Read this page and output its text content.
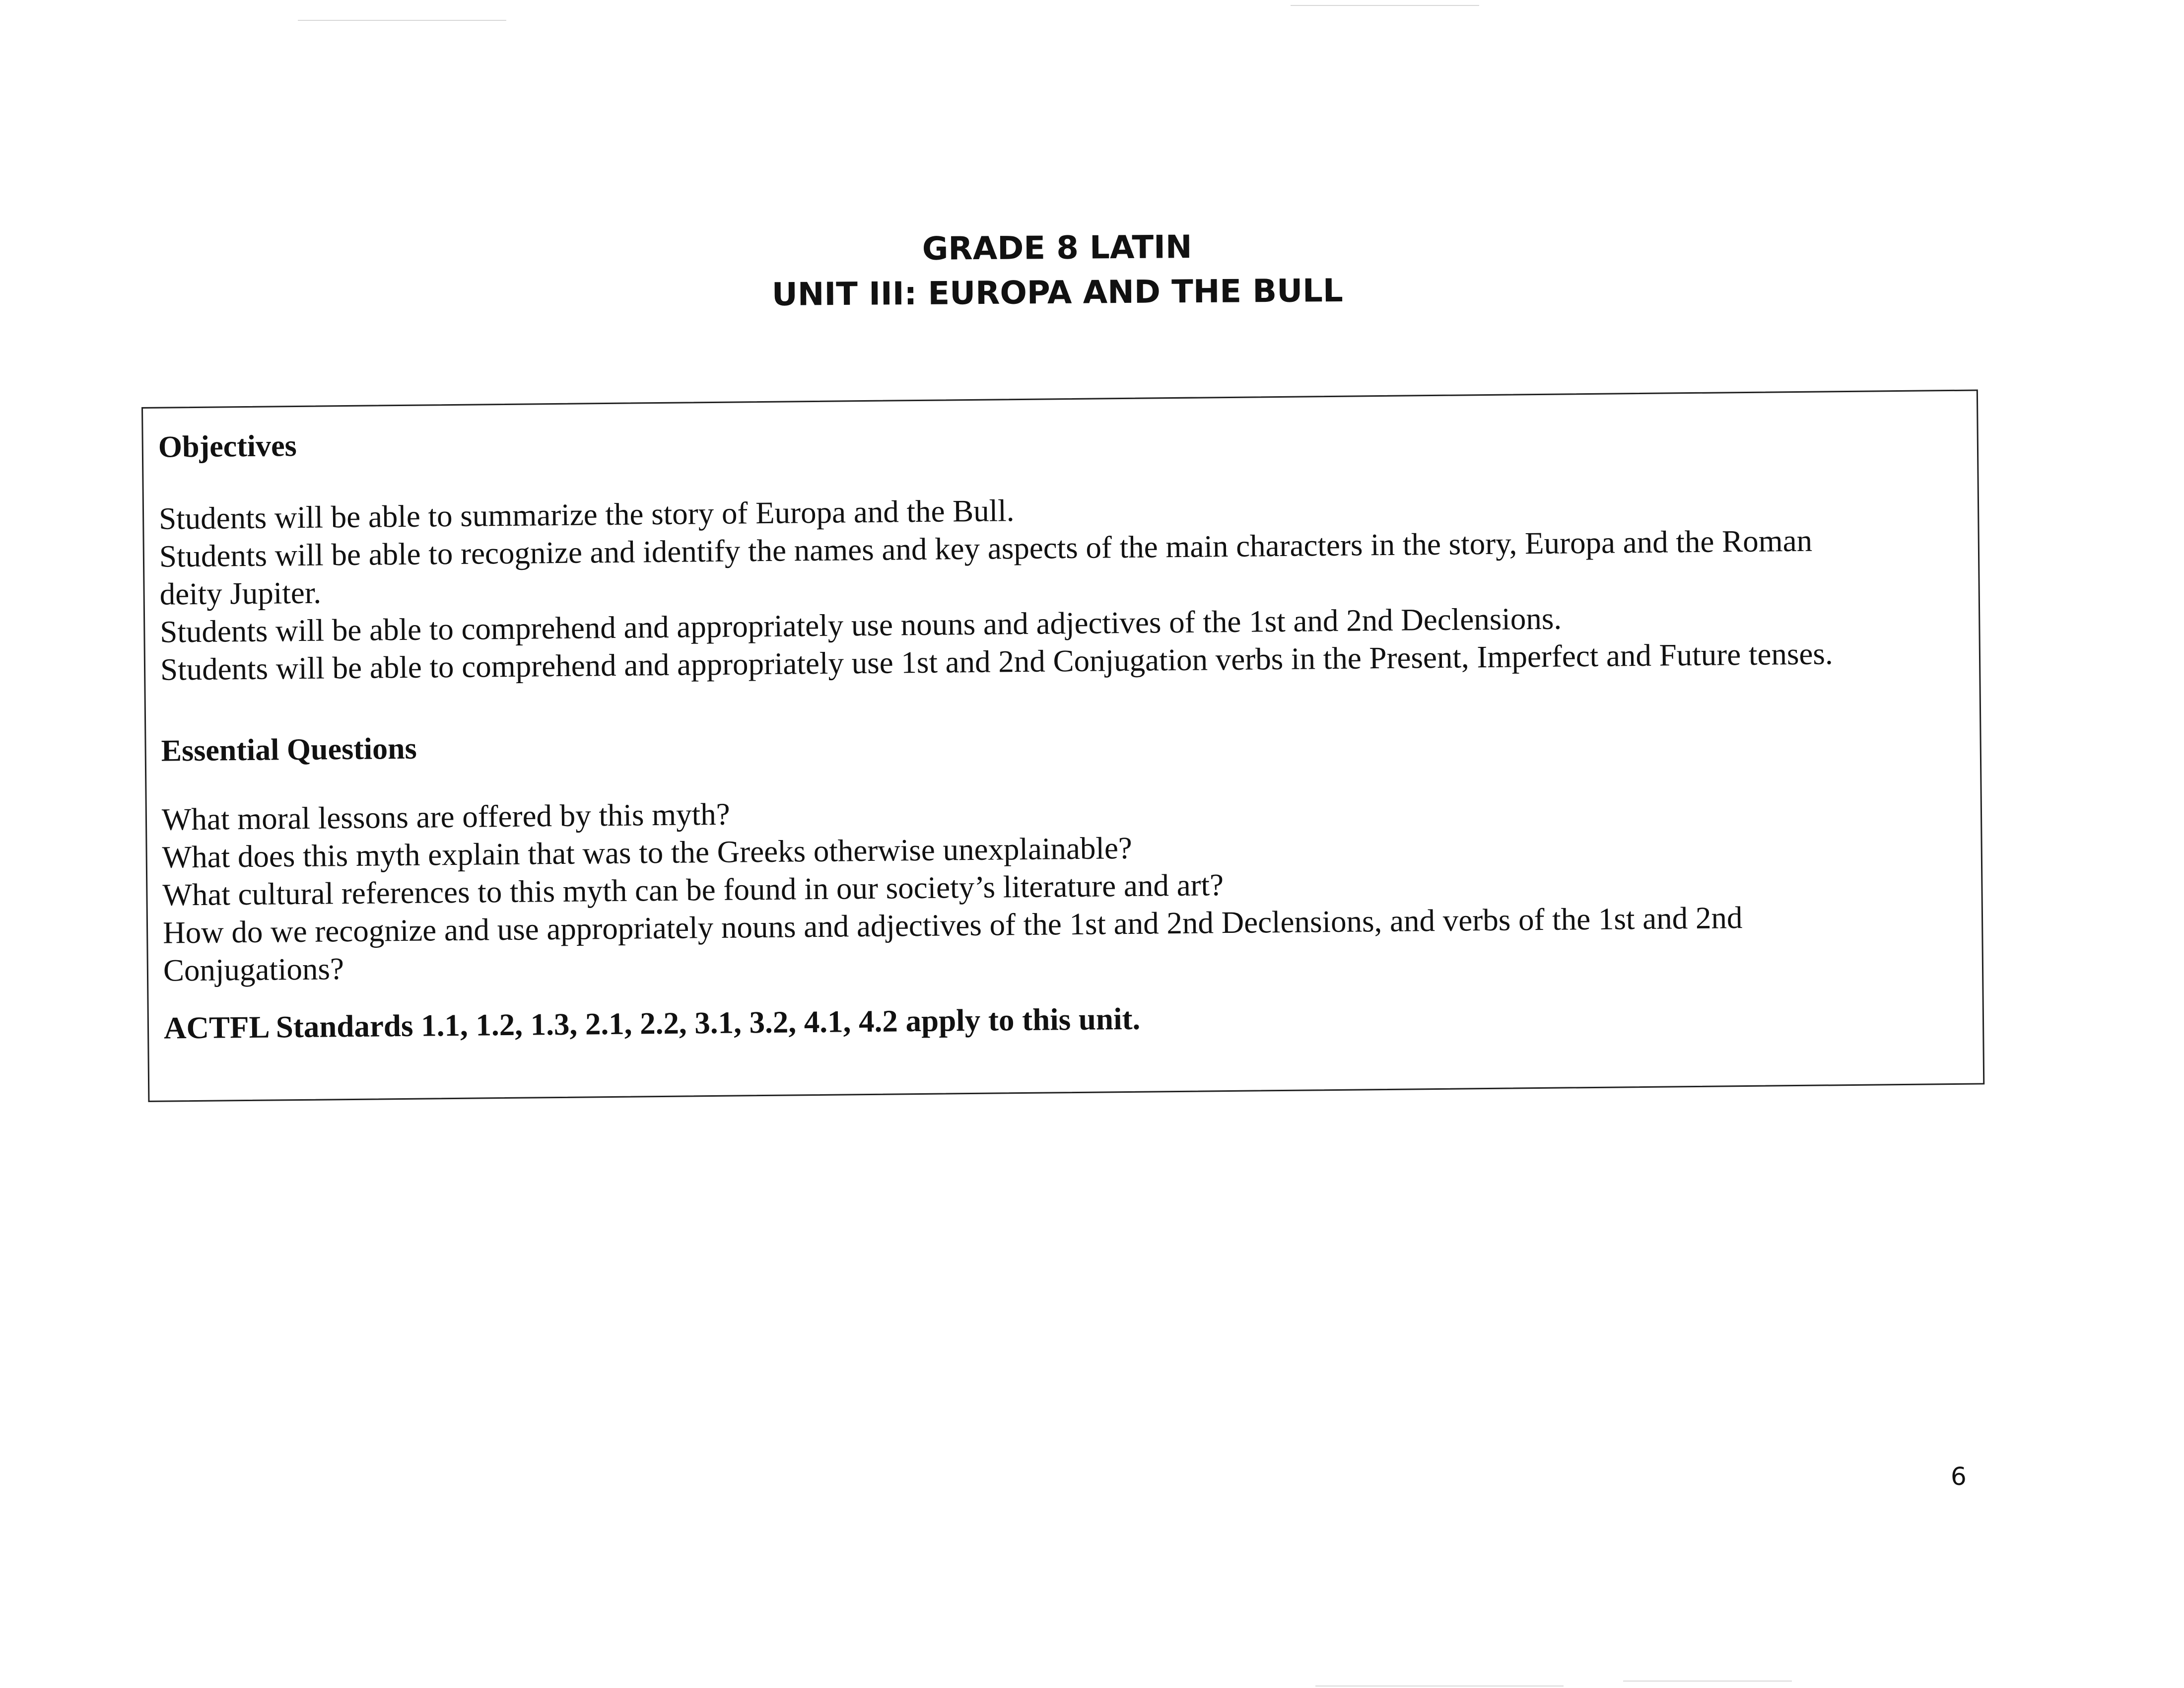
GRADE 8 LATIN
UNIT III: EUROPA AND THE BULL

Objectives

Students will be able to summarize the story of Europa and the Bull.
Students will be able to recognize and identify the names and key aspects of the main characters in the story, Europa and the Roman
deity Jupiter.
Students will be able to comprehend and appropriately use nouns and adjectives of the 1st and 2nd Declensions.
Students will be able to comprehend and appropriately use 1st and 2nd Conjugation verbs in the Present, Imperfect and Future tenses.

Essential Questions

What moral lessons are offered by this myth?
What does this myth explain that was to the Greeks otherwise unexplainable?
What cultural references to this myth can be found in our society’s literature and art?
How do we recognize and use appropriately nouns and adjectives of the 1st and 2nd Declensions, and verbs of the 1st and 2nd
Conjugations?
ACTFL Standards 1.1, 1.2, 1.3, 2.1, 2.2, 3.1, 3.2, 4.1, 4.2 apply to this unit.
6
